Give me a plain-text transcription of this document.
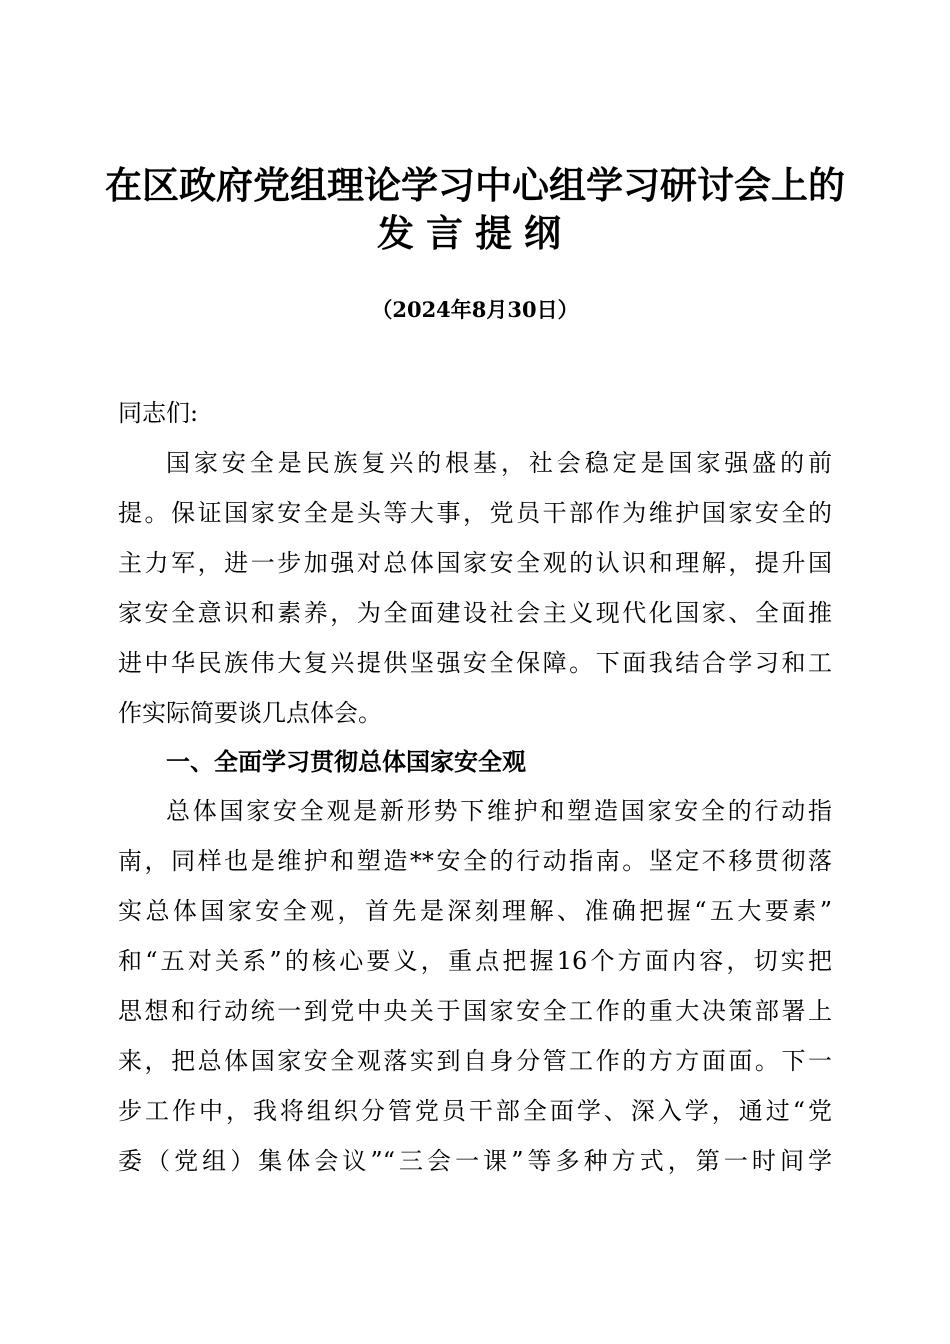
在区政府党组理论学习中心组学习研讨会上的
发言提纲
（2024年8月30日）
同志们:
国家安全是民族复兴的根基，社会稳定是国家强盛的前
提。保证国家安全是头等大事，党员干部作为维护国家安全的
主力军，进一步加强对总体国家安全观的认识和理解，提升国
家安全意识和素养，为全面建设社会主义现代化国家、全面推
进中华民族伟大复兴提供坚强安全保障。下面我结合学习和工
作实际简要谈几点体会。
一、全面学习贯彻总体国家安全观
总体国家安全观是新形势下维护和塑造国家安全的行动指
南，同样也是维护和塑造**安全的行动指南。坚定不移贯彻落
实总体国家安全观，首先是深刻理解、准确把握“五大要素”
和“五对关系”的核心要义，重点把握16个方面内容，切实把
思想和行动统一到党中央关于国家安全工作的重大决策部署上
来，把总体国家安全观落实到自身分管工作的方方面面。下一
步工作中，我将组织分管党员干部全面学、深入学，通过“党
委（党组）集体会议”“三会一课”等多种方式，第一时间学
